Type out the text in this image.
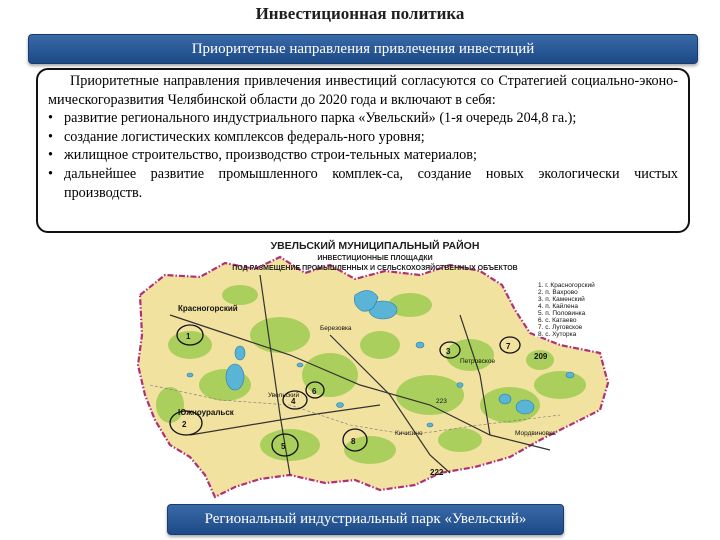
Инвестиционная политика
Приоритетные направления привлечения инвестиций

Приоритетные направления привлечения инвестиций согласуются со Стратегией социально-эконо-мическогоразвития Челябинской области до 2020 года и включают в себя:

• развитие регионального индустриального парка «Увельский» (1-я очередь 204,8 га.);
• создание логистических комплексов федераль-ного уровня;
• жилищное строительство, производство строи-тельных материалов;
• дальнейшее развитие промышленного комплек-са, создание новых экологически чистых производств.
УВЕЛЬСКИЙ МУНИЦИПАЛЬНЫЙ РАЙОН
ИНВЕСТИЦИОННЫЕ ПЛОЩАДКИ
ПОД РАЗМЕЩЕНИЕ ПРОМЫШЛЕННЫХ И СЕЛЬСКОХОЗЯЙСТВЕННЫХ ОБЪЕКТОВ
Красногорский
Южноуральск
Увельский
Березовка
Петровское
Кичигино	Мордвиновка
209
222
223
1
5
4
6
8
2
3
7
1. г. Красногорский
2. п. Вахрово
3. п. Каменский
4. п. Кайлена
5. п. Половинка
6. с. Катаево
7. с. Луговское
8. с. Хуторка
Региональный индустриальный парк «Увельский»
